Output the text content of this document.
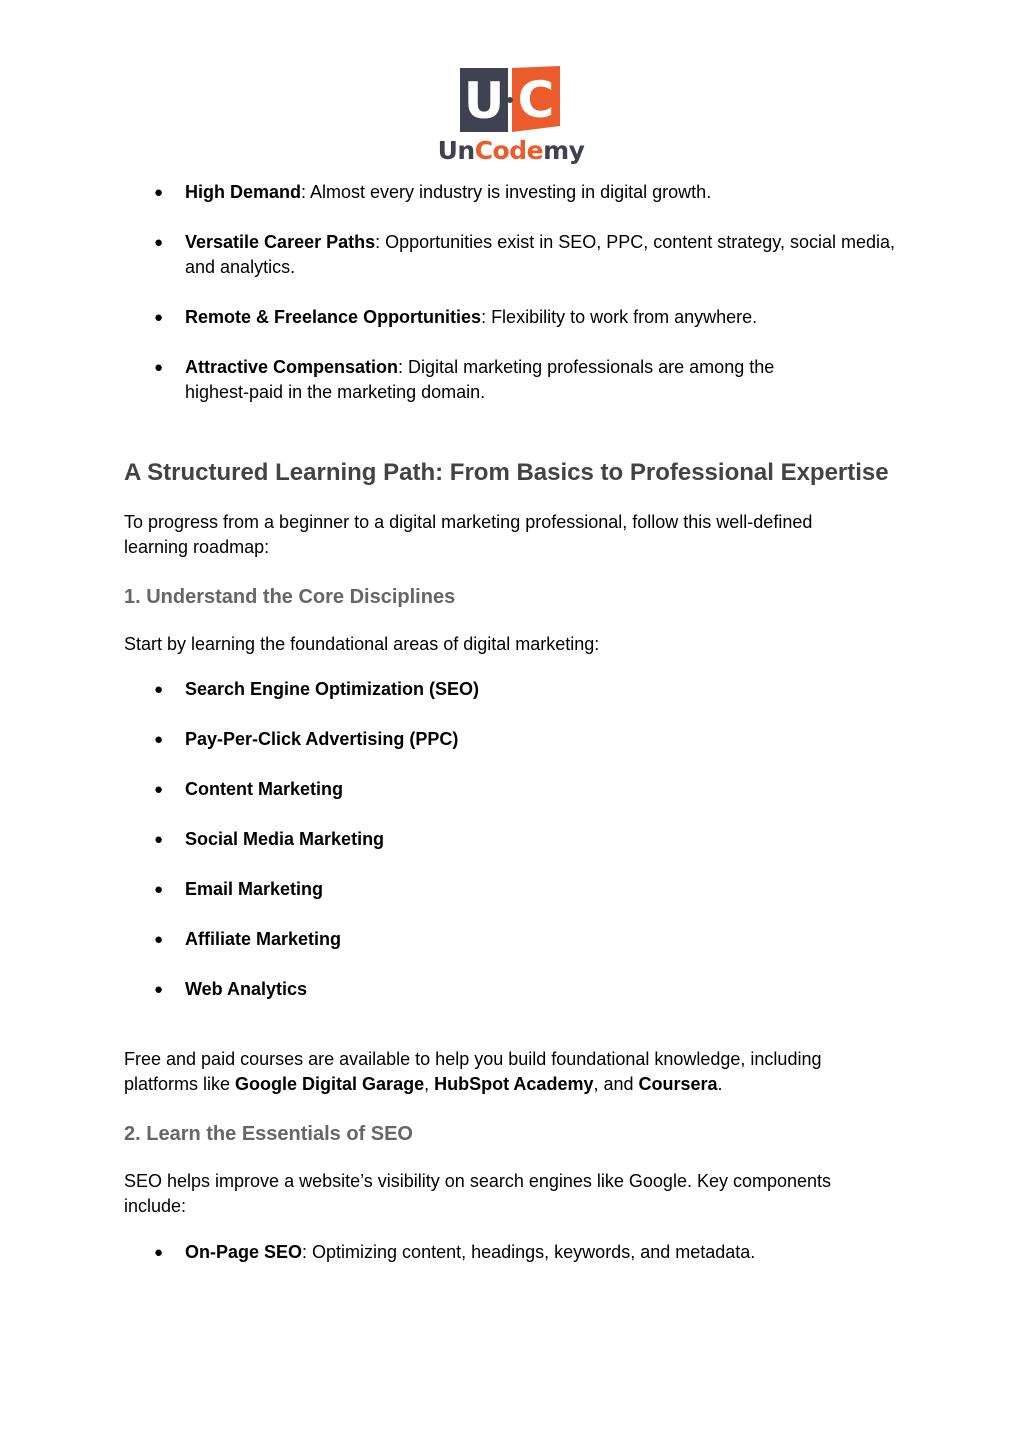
U C
UnCodemy
● High Demand: Almost every industry is investing in digital growth.
● Versatile Career Paths: Opportunities exist in SEO, PPC, content strategy, social media, and analytics.
● Remote & Freelance Opportunities: Flexibility to work from anywhere.
● Attractive Compensation: Digital marketing professionals are among the highest-paid in the marketing domain.
A Structured Learning Path: From Basics to Professional Expertise
To progress from a beginner to a digital marketing professional, follow this well-defined learning roadmap:
1. Understand the Core Disciplines
Start by learning the foundational areas of digital marketing:
● Search Engine Optimization (SEO)
● Pay-Per-Click Advertising (PPC)
● Content Marketing
● Social Media Marketing
● Email Marketing
● Affiliate Marketing
● Web Analytics
Free and paid courses are available to help you build foundational knowledge, including platforms like Google Digital Garage, HubSpot Academy, and Coursera.
2. Learn the Essentials of SEO
SEO helps improve a website’s visibility on search engines like Google. Key components include:
● On-Page SEO: Optimizing content, headings, keywords, and metadata.
